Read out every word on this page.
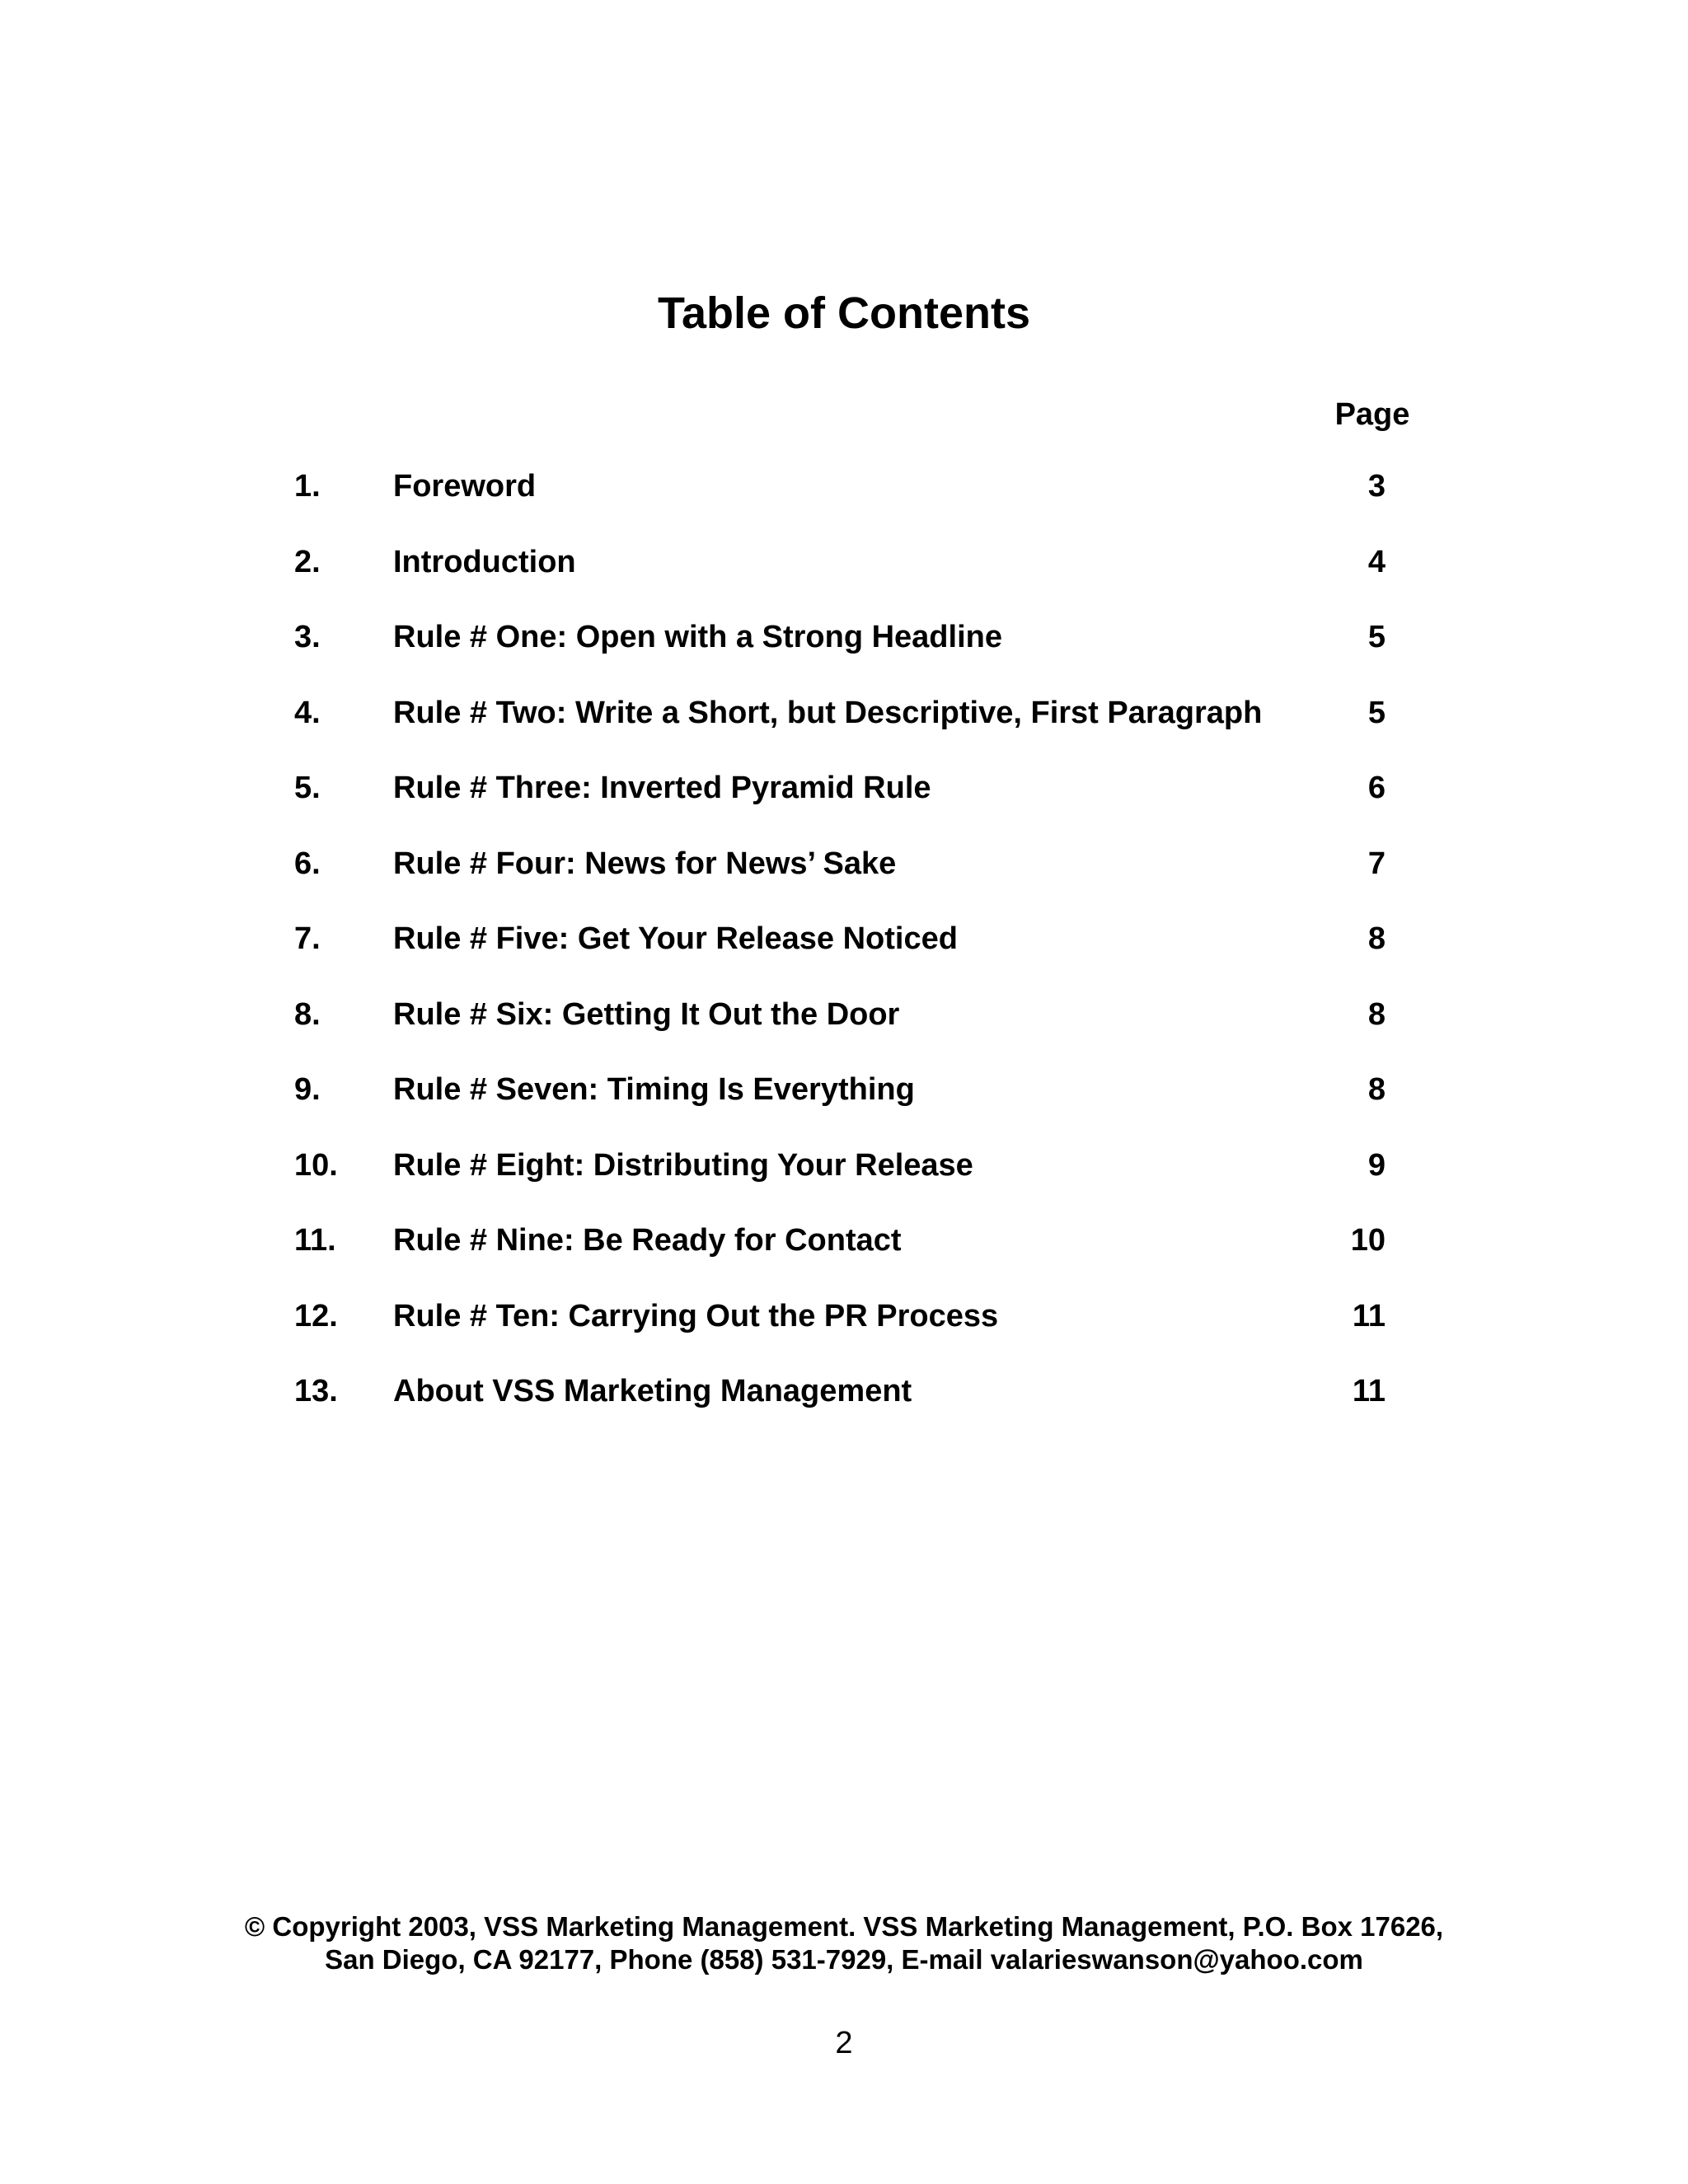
Table of Contents
Page
1. Foreword	3
2. Introduction	4
3. Rule # One: Open with a Strong Headline	5
4. Rule # Two: Write a Short, but Descriptive, First Paragraph	5
5. Rule # Three: Inverted Pyramid Rule	6
6. Rule # Four: News for News’ Sake	7
7. Rule # Five: Get Your Release Noticed	8
8. Rule # Six: Getting It Out the Door	8
9. Rule # Seven: Timing Is Everything	8
10. Rule # Eight: Distributing Your Release	9
11. Rule # Nine: Be Ready for Contact	10
12. Rule # Ten: Carrying Out the PR Process	11
13. About VSS Marketing Management	11
© Copyright 2003, VSS Marketing Management. VSS Marketing Management, P.O. Box 17626,
San Diego, CA 92177, Phone (858) 531-7929, E-mail valarieswanson@yahoo.com
2
